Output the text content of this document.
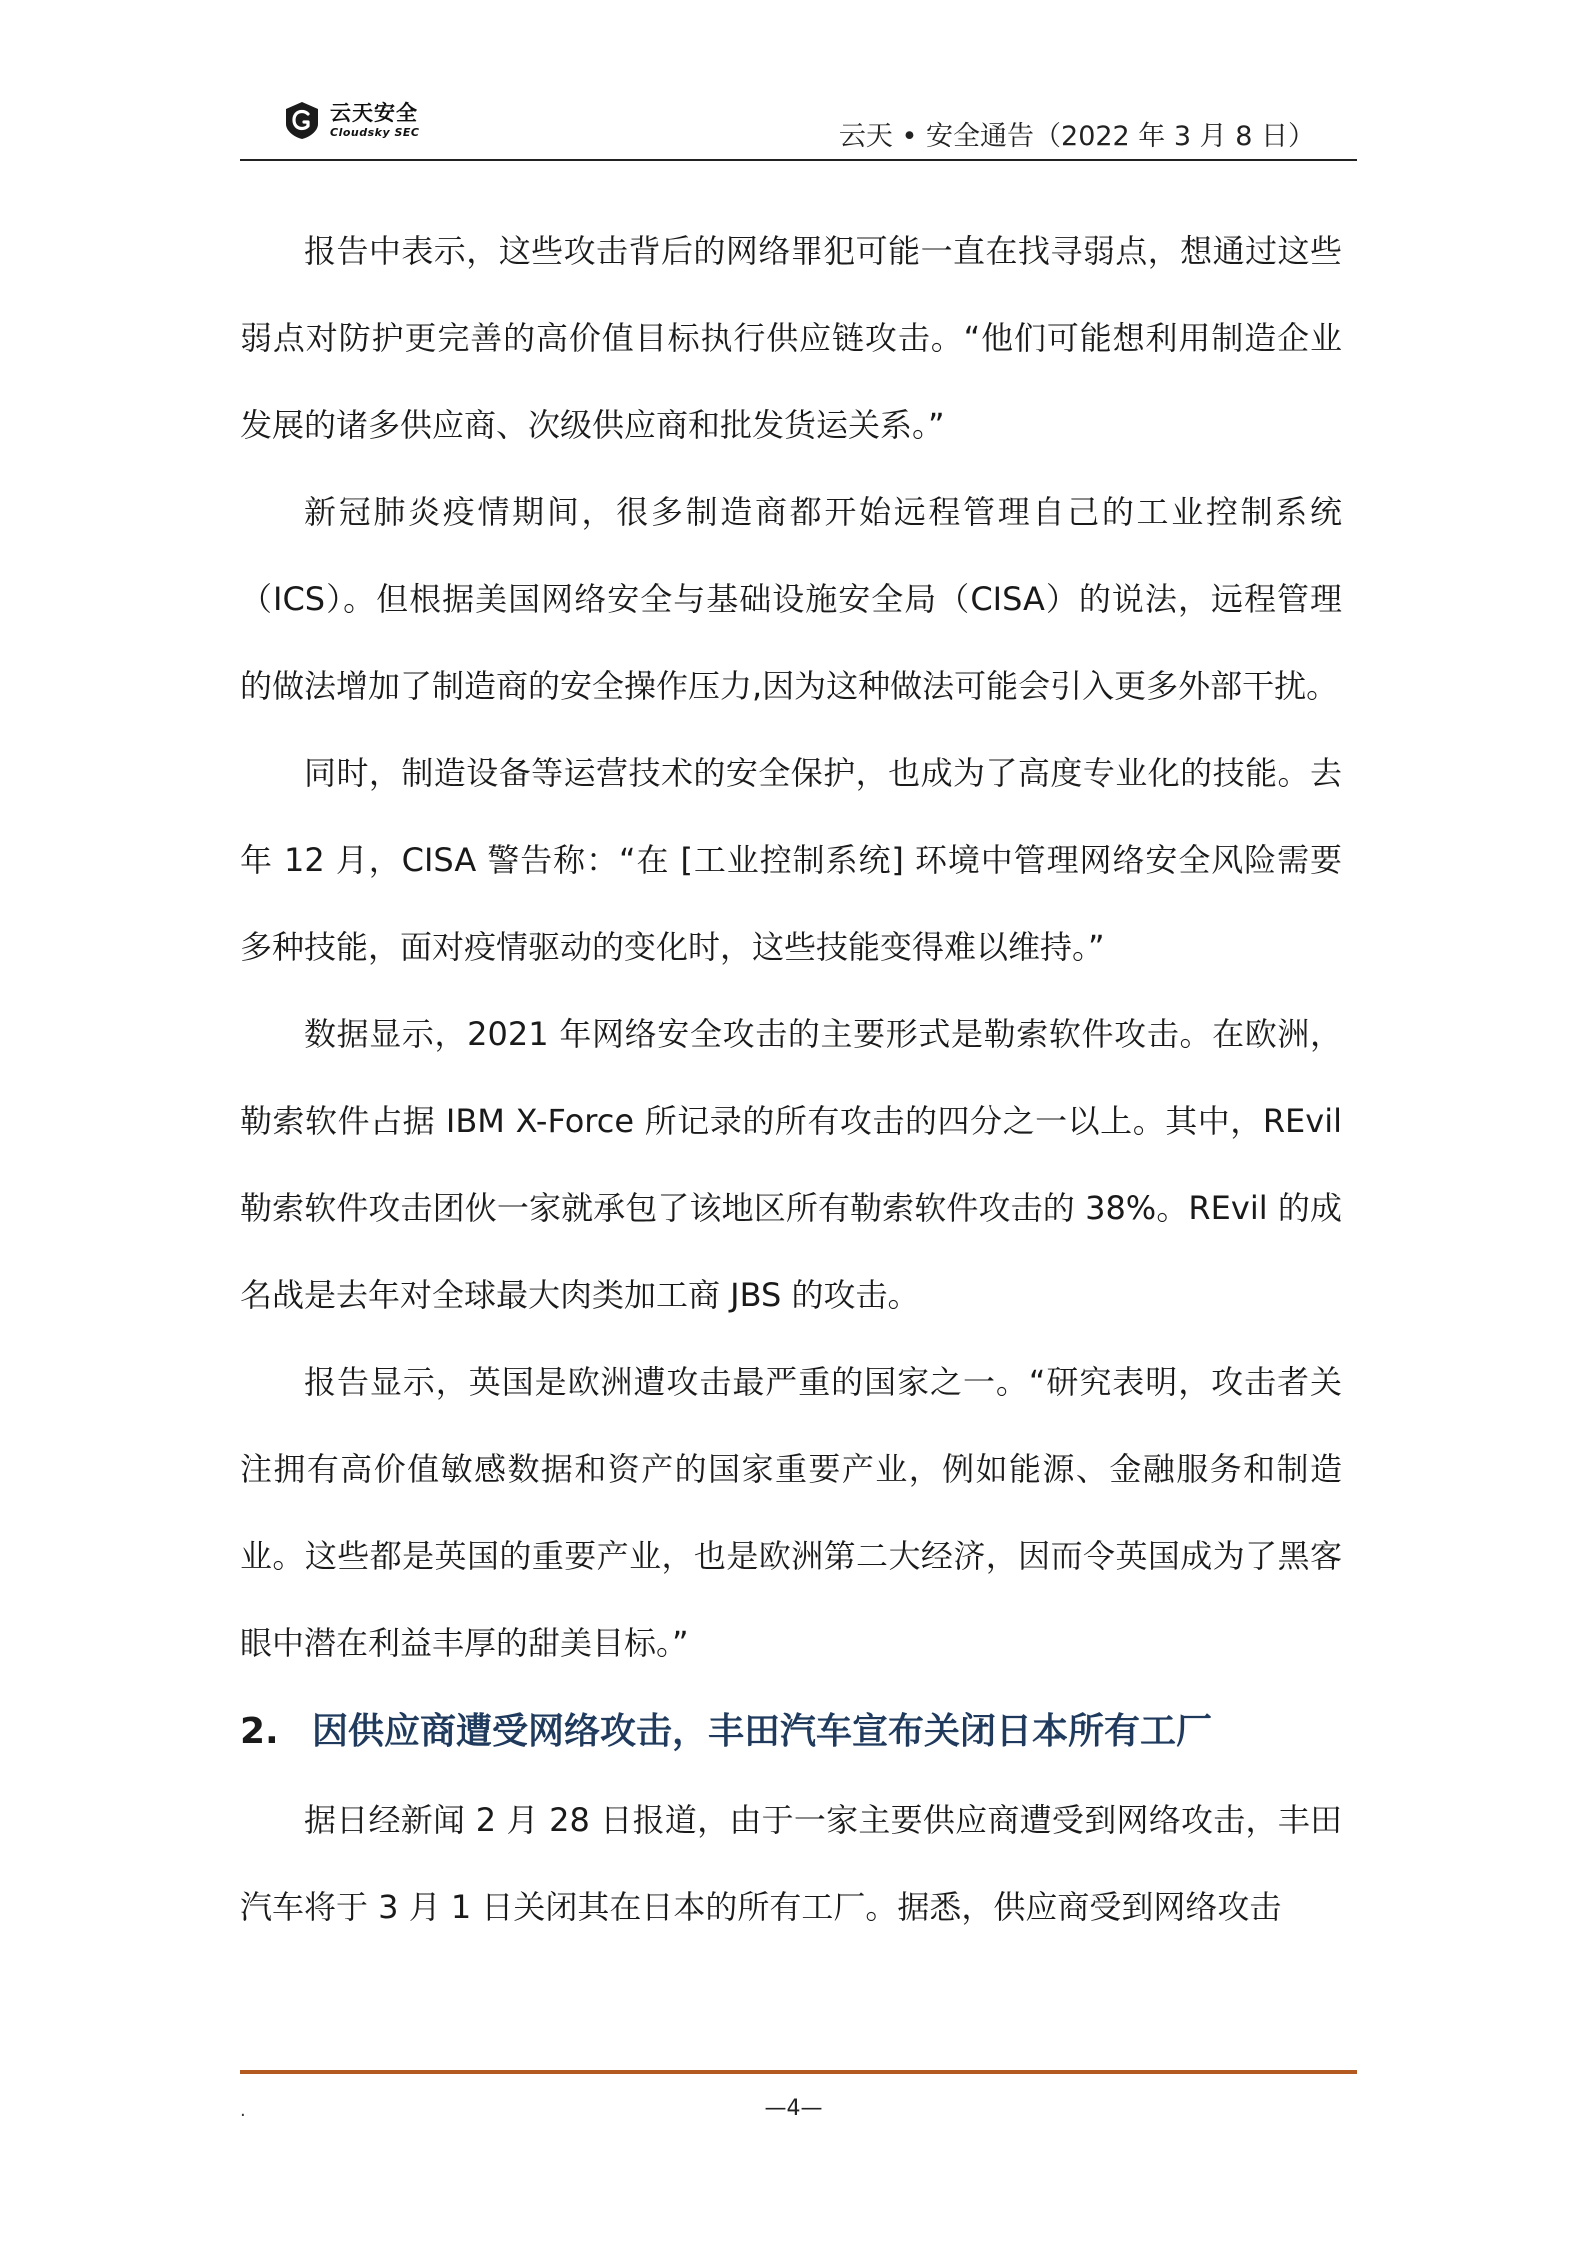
云天安全
Cloudsky SEC	云天 • 安全通告（2022 年 3 月 8 日）

报告中表示，这些攻击背后的网络罪犯可能一直在找寻弱点，想通过这些弱点对防护更完善的高价值目标执行供应链攻击。“他们可能想利用制造企业发展的诸多供应商、次级供应商和批发货运关系。”

新冠肺炎疫情期间，很多制造商都开始远程管理自己的工业控制系统（ICS）。但根据美国网络安全与基础设施安全局（CISA）的说法，远程管理的做法增加了制造商的安全操作压力,因为这种做法可能会引入更多外部干扰。

同时，制造设备等运营技术的安全保护，也成为了高度专业化的技能。去年 12 月，CISA 警告称：“在 [工业控制系统] 环境中管理网络安全风险需要多种技能，面对疫情驱动的变化时，这些技能变得难以维持。”

数据显示，2021 年网络安全攻击的主要形式是勒索软件攻击。在欧洲，勒索软件占据 IBM X-Force 所记录的所有攻击的四分之一以上。其中，REvil 勒索软件攻击团伙一家就承包了该地区所有勒索软件攻击的 38%。REvil 的成名战是去年对全球最大肉类加工商 JBS 的攻击。

报告显示，英国是欧洲遭攻击最严重的国家之一。“研究表明，攻击者关注拥有高价值敏感数据和资产的国家重要产业，例如能源、金融服务和制造业。这些都是英国的重要产业，也是欧洲第二大经济，因而令英国成为了黑客眼中潜在利益丰厚的甜美目标。”

2. 因供应商遭受网络攻击，丰田汽车宣布关闭日本所有工厂

据日经新闻 2 月 28 日报道，由于一家主要供应商遭受到网络攻击，丰田汽车将于 3 月 1 日关闭其在日本的所有工厂。据悉，供应商受到网络攻击

.	—4—
